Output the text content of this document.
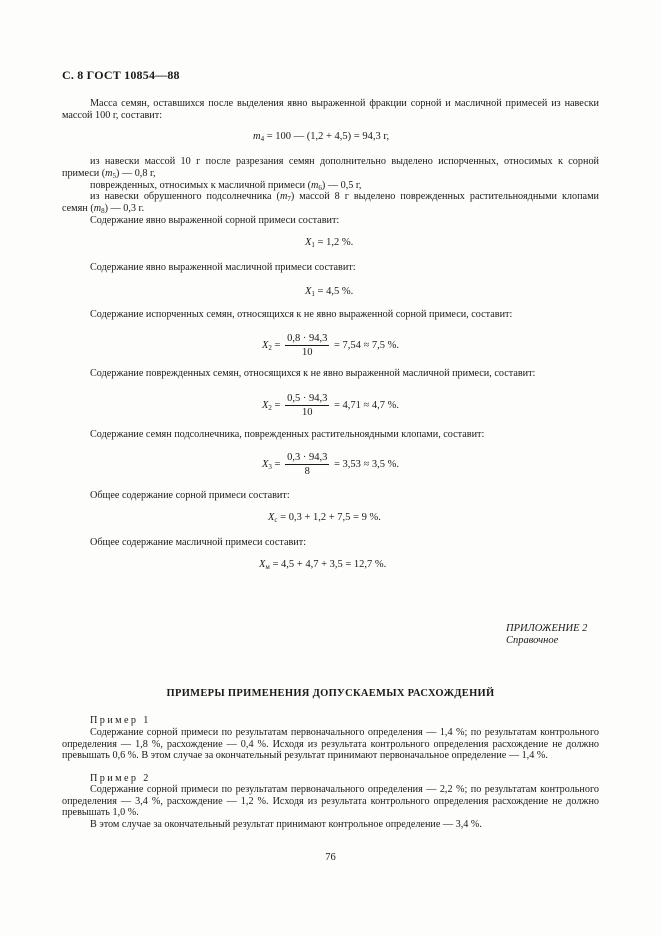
С. 8 ГОСТ 10854—88
Масса семян, оставшихся после выделения явно выраженной фракции сорной и масличной примесей из навески массой 100 г, составит:
$m_4 = 100$ — (1,2 + 4,5) = 94,3 г,
из навески массой 10 г после разрезания семян дополнительно выделено испорченных, относимых к сорной примеси $(m_5)$ — 0,8 г,
поврежденных, относимых к масличной примеси $(m_6)$ — 0,5 г,
из навески обрушенного подсолнечника $(m_7)$ массой 8 г выделено поврежденных растительноядными клопами семян $(m_8)$ — 0,3 г.
Содержание явно выраженной сорной примеси составит:
$X_1 = 1,2$ %.
Содержание явно выраженной масличной примеси составит:
$X_1 = 4,5$ %.
Содержание испорченных семян, относящихся к не явно выраженной сорной примеси, составит:
$X_2 = \frac{0,8 \cdot 94,3}{10} = 7,54 \approx 7,5$ %.
Содержание поврежденных семян, относящихся к не явно выраженной масличной примеси, составит:
$X_2 = \frac{0,5 \cdot 94,3}{10} = 4,71 \approx 4,7$ %.
Содержание семян подсолнечника, поврежденных растительноядными клопами, составит:
$X_3 = \frac{0,3 \cdot 94,3}{8} = 3,53 \approx 3,5$ %.
Общее содержание сорной примеси составит:
$X_с = 0,3 + 1,2 + 7,5 = 9$ %.
Общее содержание масличной примеси составит:
$X_м = 4,5 + 4,7 + 3,5 = 12,7$ %.
ПРИЛОЖЕНИЕ 2
Справочное
ПРИМЕРЫ ПРИМЕНЕНИЯ ДОПУСКАЕМЫХ РАСХОЖДЕНИЙ
Пример 1
Содержание сорной примеси по результатам первоначального определения — 1,4 %; по результатам контрольного определения — 1,8 %, расхождение — 0,4 %. Исходя из результата контрольного определения расхождение не должно превышать 0,6 %. В этом случае за окончательный результат принимают первоначальное определение — 1,4 %.
Пример 2
Содержание сорной примеси по результатам первоначального определения — 2,2 %; по результатам контрольного определения — 3,4 %, расхождение — 1,2 %. Исходя из результата контрольного определения расхождение не должно превышать 1,0 %.
В этом случае за окончательный результат принимают контрольное определение — 3,4 %.
76
